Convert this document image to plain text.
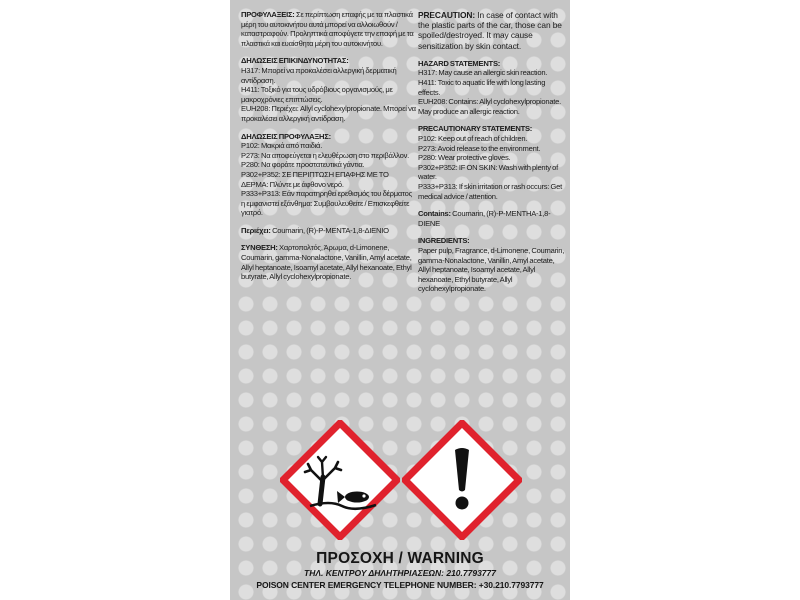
ΠΡΟΦΥΛΑΞΕΙΣ: Σε περίπτωση επαφής με τα πλαστικά μέρη του αυτοκινήτου αυτά μπορεί να αλλοιωθούν / καταστραφούν. Προληπτικά αποφύγετε την επαφή με τα πλαστικά και ευαίσθητα μέρη του αυτοκινήτου.

ΔΗΛΩΣΕΙΣ ΕΠΙΚΙΝΔΥΝΟΤΗΤΑΣ:

H317: Μπορεί να προκαλέσει αλλεργική δερματική αντίδραση.

H411: Τοξικό για τους υδρόβιους οργανισμούς, με μακροχρόνιες επιπτώσεις.

EUH208: Περιέχει: Allyl cyclohexylpropionate. Μπορεί να προκαλέσει αλλεργική αντίδραση.

ΔΗΛΩΣΕΙΣ ΠΡΟΦΥΛΑΞΗΣ:

P102: Μακριά από παιδιά.

P273: Να αποφεύγεται η ελευθέρωση στο περιβάλλον.

P280: Να φοράτε προστατευτικά γάντια.

P302+P352: ΣΕ ΠΕΡΙΠΤΩΣΗ ΕΠΑΦΗΣ ΜΕ ΤΟ ΔΕΡΜΑ: Πλύντε με άφθονο νερό.

P333+P313: Εάν παρατηρηθεί ερεθισμός του δέρματος η εμφανιστεί εξάνθημα: Συμβουλευθείτε / Επισκεφθείτε γιατρό.

Περιέχει: Coumarin, (R)-P-MENTA-1,8-ΔΙΕΝΙΟ
ΣΥΝΘΕΣΗ: Χαρτοπολτός, Άρωμα, d-Limonene, Coumarin, gamma-Nonalactone, Vanillin, Amyl acetate, Allyl heptanoate, Isoamyl acetate, Allyl hexanoate, Ethyl butyrate, Allyl cyclohexylpropionate.
PRECAUTION: In case of contact with the plastic parts of the car, those can be spoiled/destroyed. It may cause sensitization by skin contact.

HAZARD STATEMENTS:

H317: May cause an allergic skin reaction.

H411: Toxic to aquatic life with long lasting effects.

EUH208: Contains: Allyl cyclohexylpropionate. May produce an allergic reaction.

PRECAUTIONARY STATEMENTS:

P102: Keep out of reach of children.

P273: Avoid release to the environment.

P280: Wear protective gloves.

P302+P352: IF ON SKIN: Wash with plenty of water.

P333+P313: If skin irritation or rash occurs: Get medical advice / attention.

Contains: Coumarin, (R)-P-MENTHA-1,8-DIENE

INGREDIENTS:

Paper pulp, Fragrance, d-Limonene, Coumarin, gamma-Nonalactone, Vanillin, Amyl acetate, Allyl heptanoate, Isoamyl acetate, Allyl hexanoate, Ethyl butyrate, Allyl cyclohexylpropionate.

ΠΡΟΣΟΧΗ / WARNING
ΤΗΛ. ΚΕΝΤΡΟΥ ΔΗΛΗΤΗΡΙΑΣΕΩΝ: 210.7793777
POISON CENTER EMERGENCY TELEPHONE NUMBER: +30.210.7793777
